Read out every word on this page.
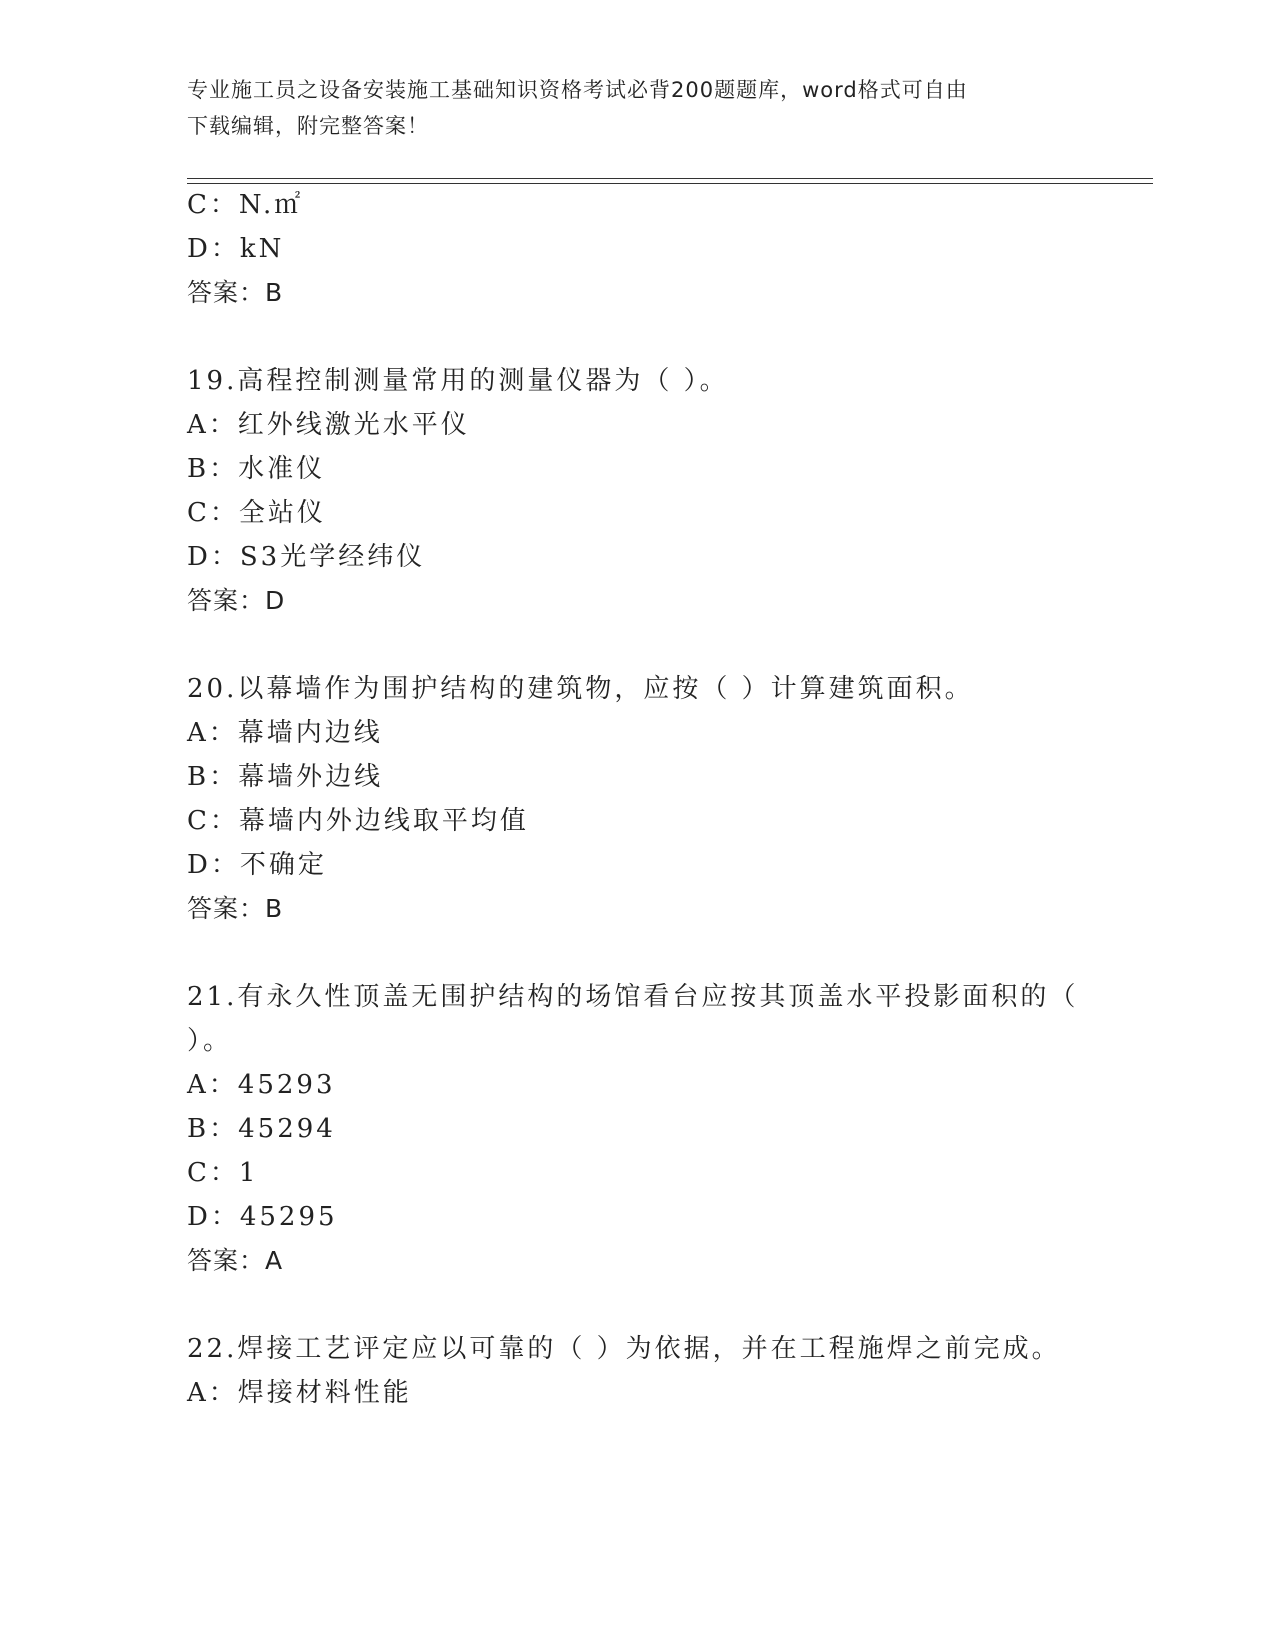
专业施工员之设备安装施工基础知识资格考试必背200题题库，word格式可自由
下载编辑，附完整答案！
C：N.㎡
D：kN
答案：B
19.高程控制测量常用的测量仪器为（ ）。
A：红外线激光水平仪
B：水准仪
C：全站仪
D：S3光学经纬仪
答案：D
20.以幕墙作为围护结构的建筑物，应按（ ）计算建筑面积。
A：幕墙内边线
B：幕墙外边线
C：幕墙内外边线取平均值
D：不确定
答案：B
21.有永久性顶盖无围护结构的场馆看台应按其顶盖水平投影面积的（
）。
A：45293
B：45294
C：1
D：45295
答案：A
22.焊接工艺评定应以可靠的（ ）为依据，并在工程施焊之前完成。
A：焊接材料性能
